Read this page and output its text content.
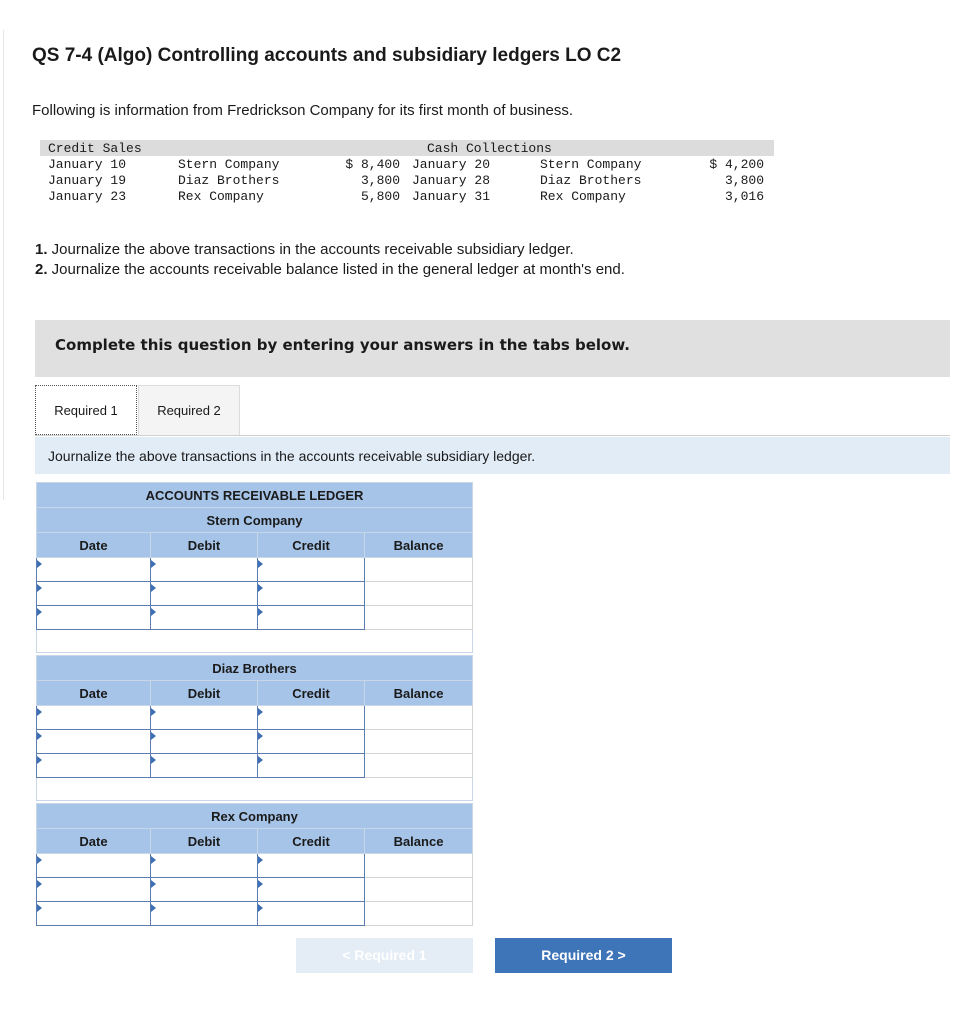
QS 7-4 (Algo) Controlling accounts and subsidiary ledgers LO C2
Following is information from Fredrickson Company for its first month of business.
Credit Sales	Cash Collections
January 10	Stern Company	$ 8,400 January 20	Stern Company	$ 4,200
January 19	Diaz Brothers	3,800 January 28	Diaz Brothers	3,800
January 23	Rex Company	5,800 January 31	Rex Company	3,016
1. Journalize the above transactions in the accounts receivable subsidiary ledger.
2. Journalize the accounts receivable balance listed in the general ledger at month's end.
Complete this question by entering your answers in the tabs below.
Required 1	Required 2
Journalize the above transactions in the accounts receivable subsidiary ledger.
ACCOUNTS RECEIVABLE LEDGER			
Stern Company			
Date	Debit	Credit	Balance

Diaz Brothers			
Date	Debit	Credit	Balance

Rex Company			
Date	Debit	Credit	Balance

< Required 1	Required 2 >
